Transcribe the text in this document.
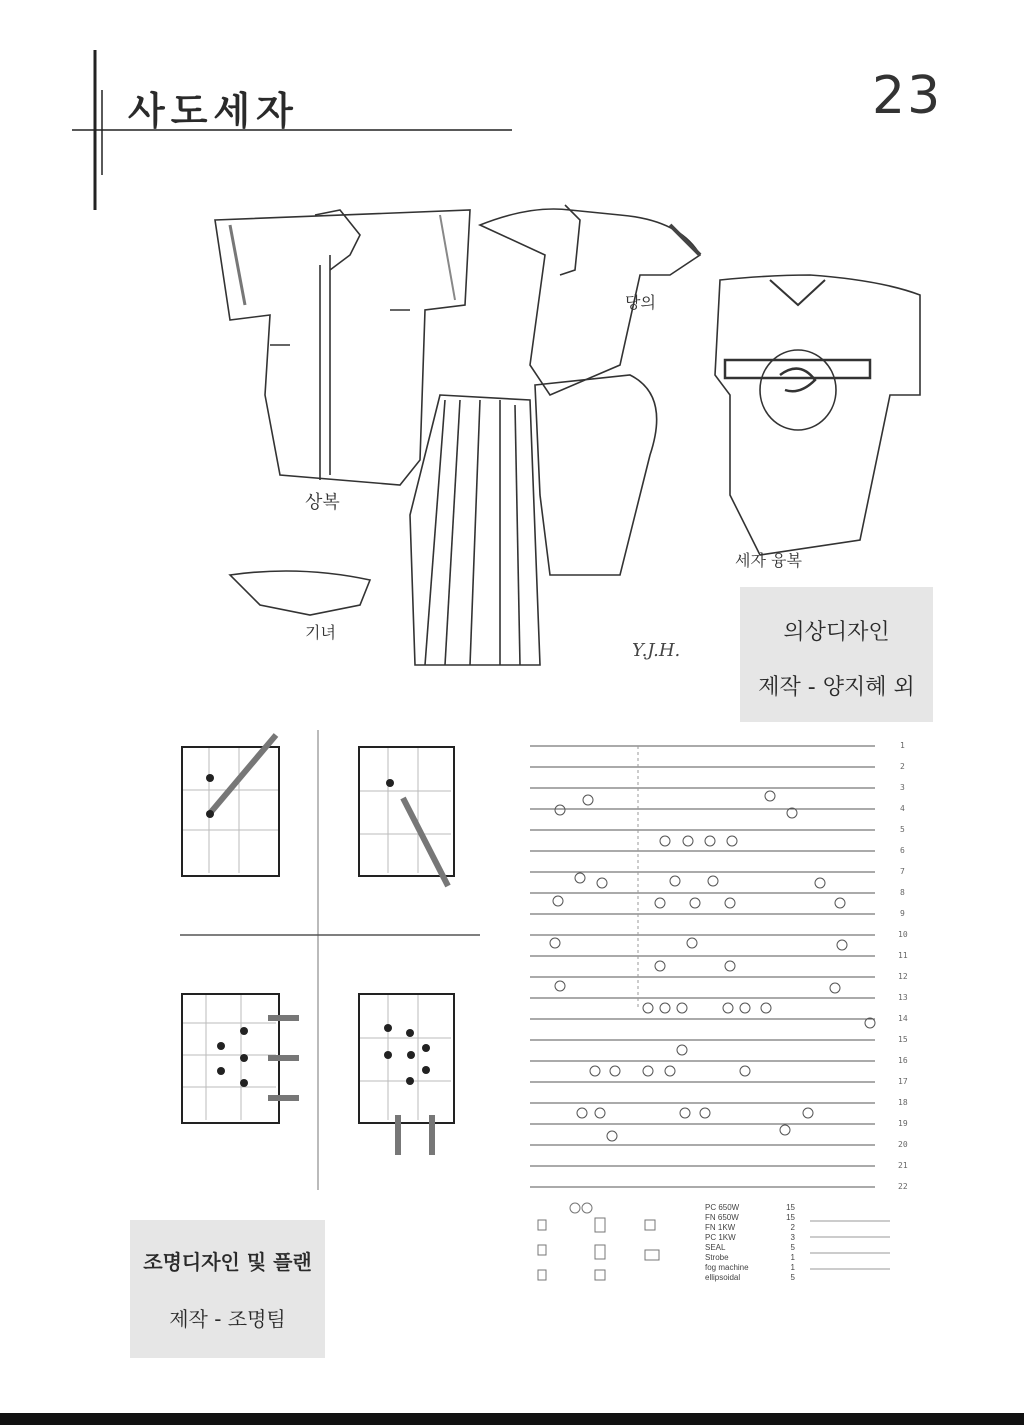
사도세자	23
상복
당의
세자 융복
기녀
Y.J.H.
의상디자인
제작 - 양지혜 외
조명디자인 및 플랜
제작 - 조명팀
1
2
3
4
5
6
7
8
9
10
11
12
13
14
15
16
17
18
19
20
21
22
PC 650W	15
FN 650W	15
FN 1KW	2
PC 1KW	3
SEAL	5
Strobe	1
fog machine	1
ellipsoidal	5
